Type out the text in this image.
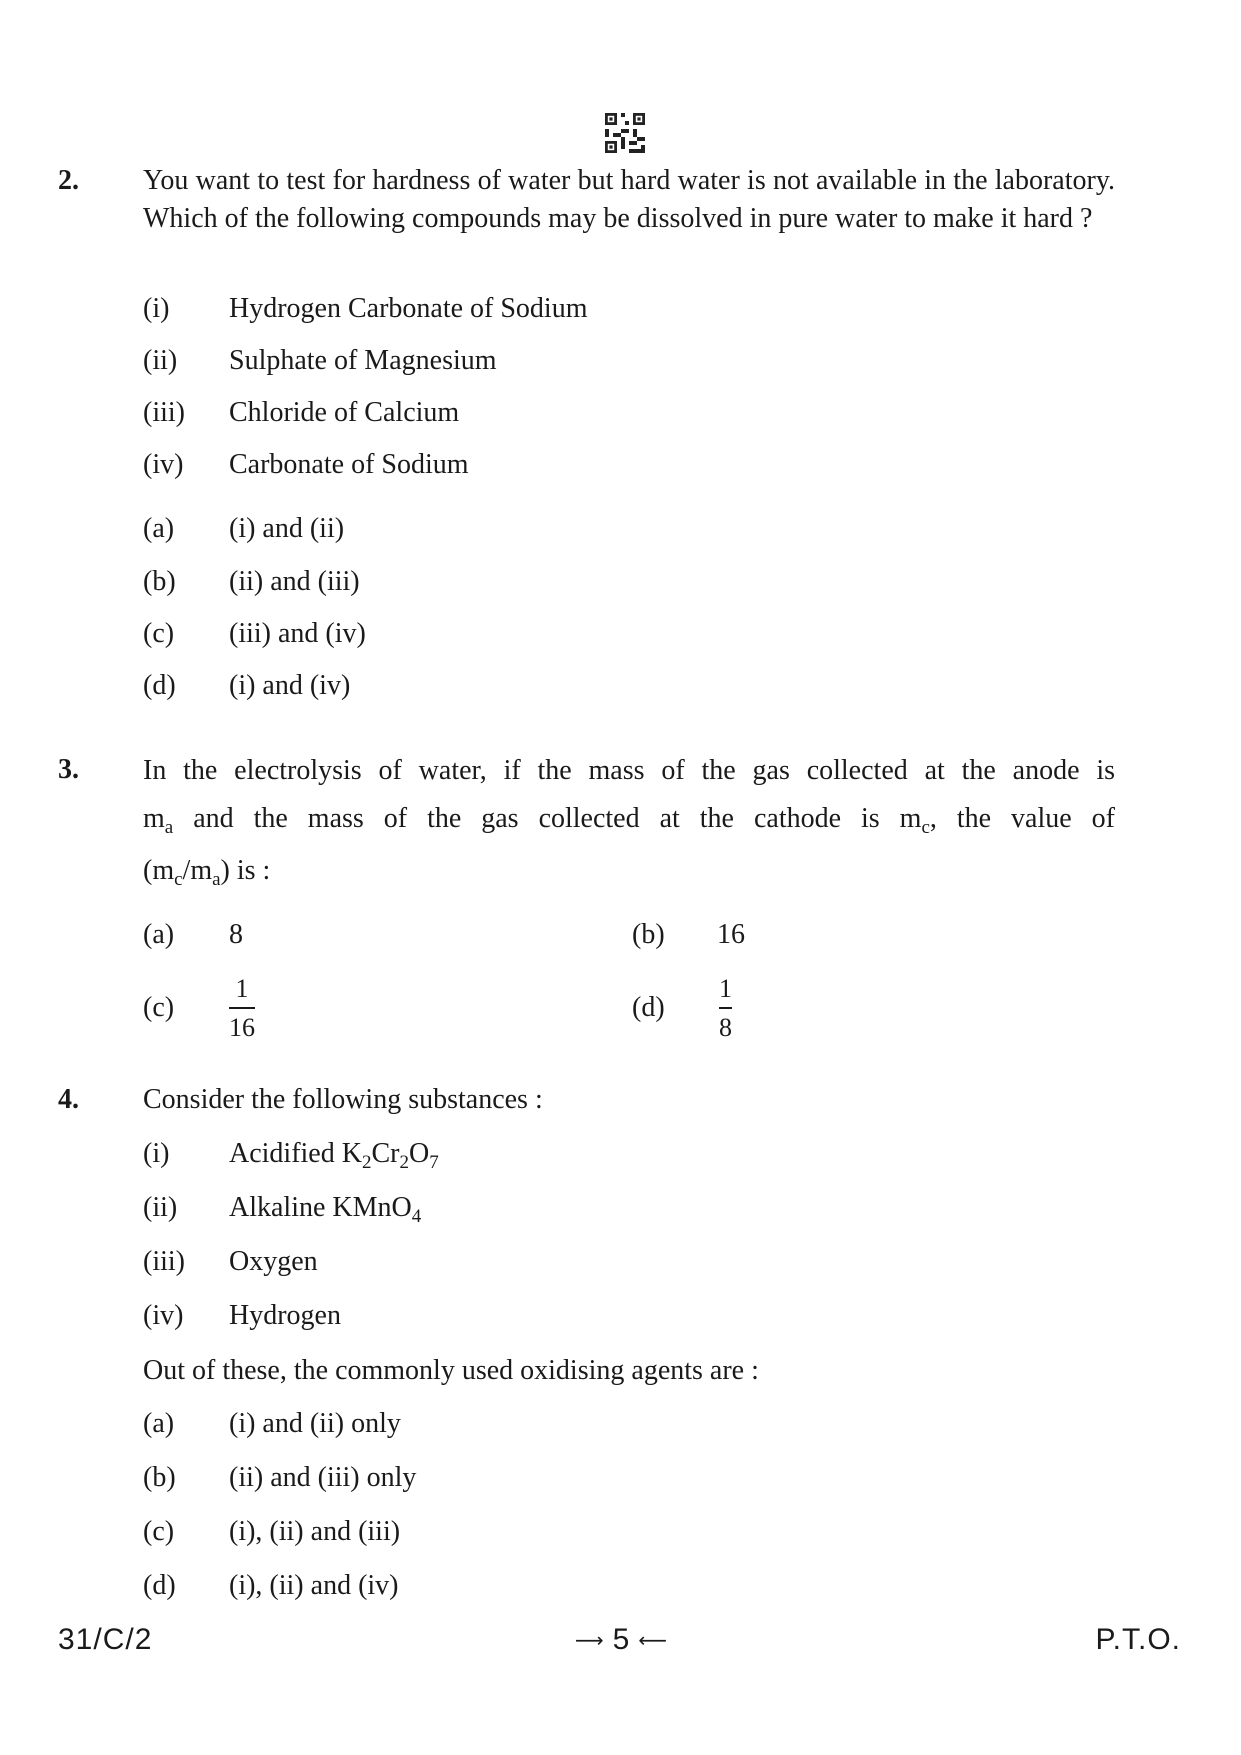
2. You want to test for hardness of water but hard water is not available in the laboratory. Which of the following compounds may be dissolved in pure water to make it hard ?
(i) Hydrogen Carbonate of Sodium
(ii) Sulphate of Magnesium
(iii) Chloride of Calcium
(iv) Carbonate of Sodium
(a) (i) and (ii)
(b) (ii) and (iii)
(c) (iii) and (iv)
(d) (i) and (iv)
3. In the electrolysis of water, if the mass of the gas collected at the anode is
$m_a$ and the mass of the gas collected at the cathode is $m_c$, the value of
$(m_c/m_a)$ is :
(a) 8	(b) 16
(c)
1
16
(d)
1
8
4. Consider the following substances :
(i) Acidified $K_2Cr_2O_7$
(ii) Alkaline KMnO$_4$
(iii) Oxygen
(iv) Hydrogen
Out of these, the commonly used oxidising agents are :
(a) (i) and (ii) only
(b) (ii) and (iii) only
(c) (i), (ii) and (iii)
(d) (i), (ii) and (iv)
31/C/2	⟶ 5 ⟵	P.T.O.
